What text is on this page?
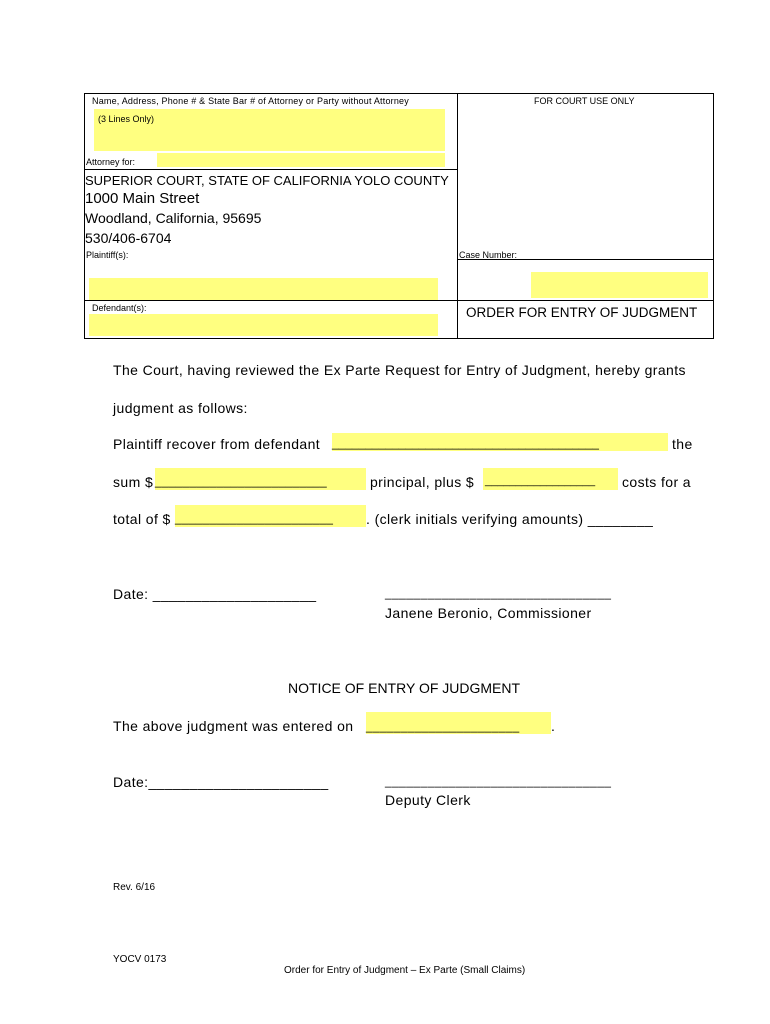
Name, Address, Phone # & State Bar # of Attorney or Party without Attorney
(3 Lines Only)
Attorney for:
FOR COURT USE ONLY
SUPERIOR COURT, STATE OF CALIFORNIA YOLO COUNTY
1000 Main Street
Woodland, California, 95695
530/406-6704
Plaintiff(s):	Case Number:
Defendant(s):	ORDER FOR ENTRY OF JUDGMENT
The Court, having reviewed the Ex Parte Request for Entry of Judgment, hereby grants
judgment as follows:
Plaintiff recover from defendant ________________________________________	the
sum $ _________________________	principal, plus $ __________________ costs for a
total of $ _______________________ . (clerk initials verifying amounts) ________
Date: ____________________	________________________________
Janene Beronio, Commissioner
NOTICE OF ENTRY OF JUDGMENT
The above judgment was entered on ______________________ .
Date:______________________	________________________________
Deputy Clerk
Rev. 6/16
YOCV 0173
Order for Entry of Judgment – Ex Parte (Small Claims)
